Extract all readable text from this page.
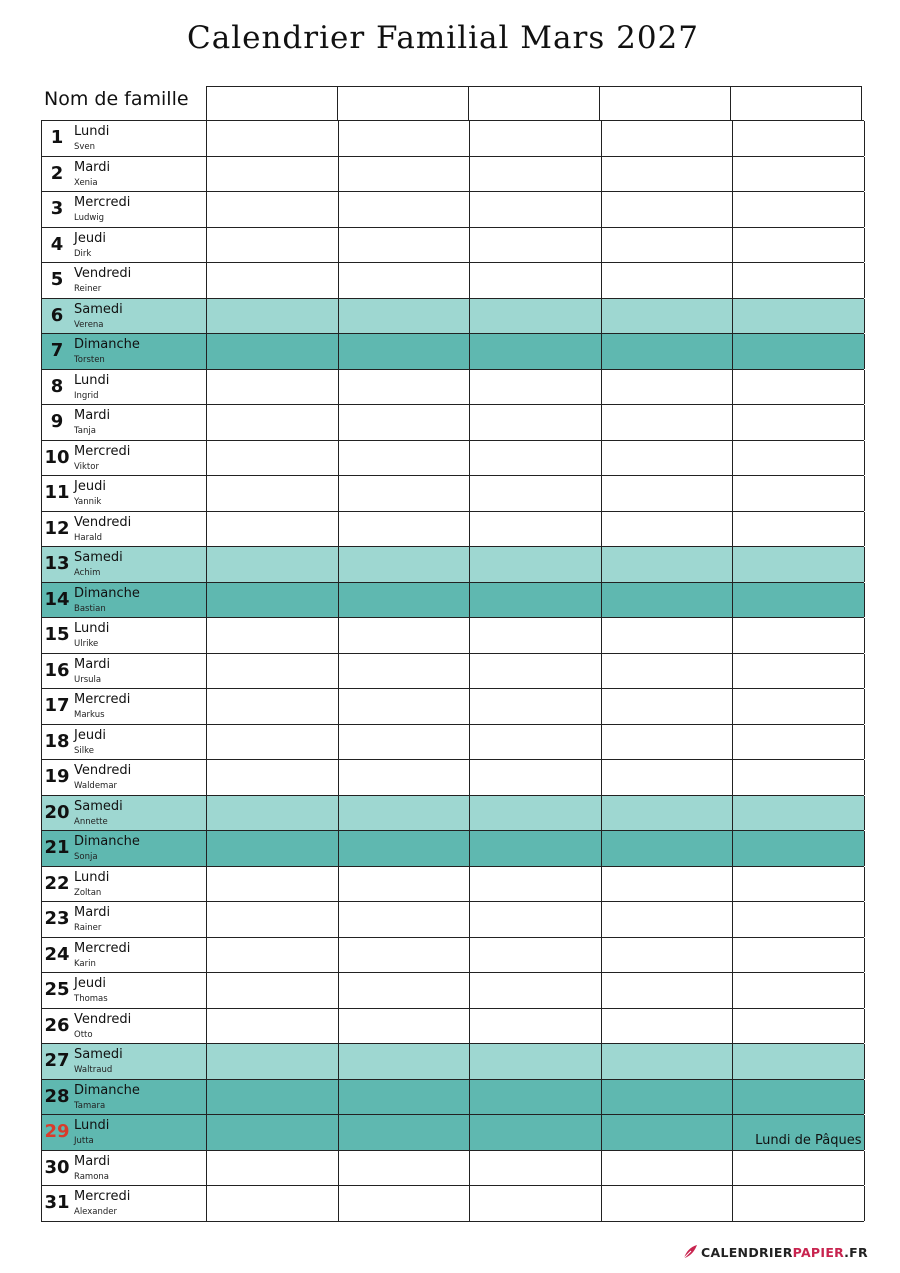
Calendrier Familial Mars 2027
Nom de famille
1 Lundi
Sven
2 Mardi
Xenia
3 Mercredi
Ludwig
4 Jeudi
Dirk
5 Vendredi
Reiner
6 Samedi
Verena
7 Dimanche
Torsten
8 Lundi
Ingrid
9 Mardi
Tanja
10 Mercredi
Viktor
11 Jeudi
Yannik
12 Vendredi
Harald
13 Samedi
Achim
14 Dimanche
Bastian
15 Lundi
Ulrike
16 Mardi
Ursula
17 Mercredi
Markus
18 Jeudi
Silke
19 Vendredi
Waldemar
20 Samedi
Annette
21 Dimanche
Sonja
22 Lundi
Zoltan
23 Mardi
Rainer
24 Mercredi
Karin
25 Jeudi
Thomas
26 Vendredi
Otto
27 Samedi
Waltraud
28 Dimanche
Tamara
29 Lundi
Jutta	Lundi de Pâques
30 Mardi
Ramona
31 Mercredi
Alexander
CALENDRIER PAPIER .FR
